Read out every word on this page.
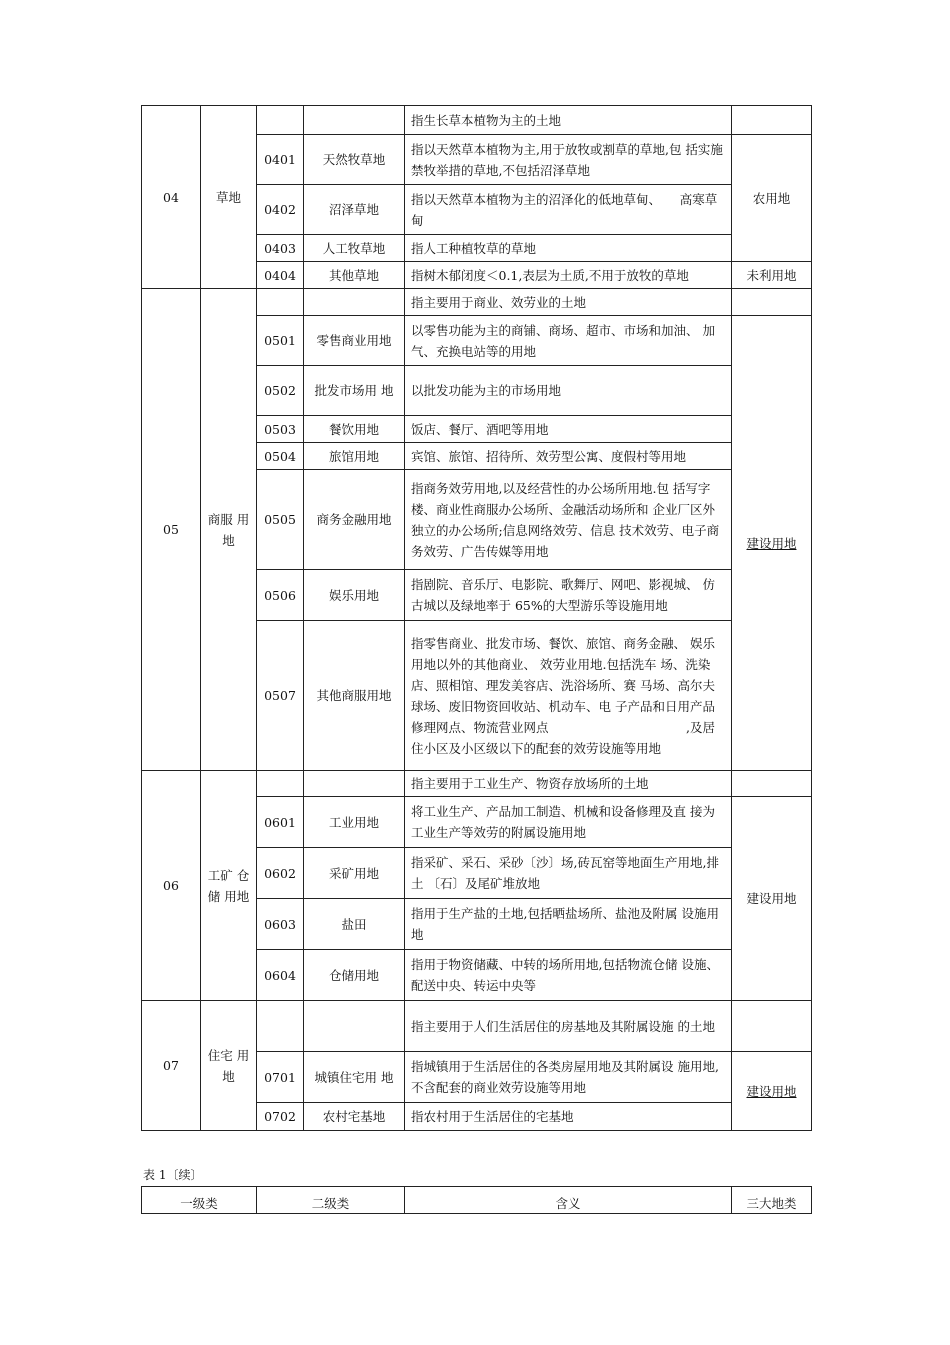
04	草地			指生长草本植物为主的土地	
		0401	天然牧草地	指以天然草本植物为主,用于放牧或割草的草地,包 括实施禁牧举措的草地,不包括沼泽草地	农用地
		0402	沼泽草地	指以天然草本植物为主的沼泽化的低地草甸、　　高寒草甸	
		0403	人工牧草地	指人工种植牧草的草地	
		0404	其他草地	指树木郁闭度＜0.1,表层为土质,不用于放牧的草地	未利用地
05	商服 用地			指主要用于商业、效劳业的土地	
		0501	零售商业用地	以零售功能为主的商铺、商场、超市、市场和加油、 加气、充换电站等的用地	建设用地
		0502	批发市场用 地	以批发功能为主的市场用地	
		0503	餐饮用地	饭店、餐厅、酒吧等用地	
		0504	旅馆用地	宾馆、旅馆、招待所、效劳型公寓、度假村等用地	
		0505	商务金融用地	指商务效劳用地,以及经营性的办公场所用地.包 括写字楼、商业性商服办公场所、金融活动场所和 企业厂区外独立的办公场所;信息网络效劳、信息 技术效劳、电子商务效劳、广告传媒等用地	
		0506	娱乐用地	指剧院、音乐厅、电影院、歌舞厅、网吧、影视城、 仿古城以及绿地率于 65%的大型游乐等设施用地	
		0507	其他商服用地	指零售商业、批发市场、餐饮、旅馆、商务金融、 娱乐用地以外的其他商业、 效劳业用地.包括洗车 场、洗染店、照相馆、理发美容店、洗浴场所、赛 马场、高尔夫球场、废旧物资回收站、机动车、电 子产品和日用产品修理网点、物流营业网点　　　　　　　　　　　,及居住小区及小区级以下的配套的效劳设施等用地	
06	工矿 仓储 用地			指主要用于工业生产、物资存放场所的土地	
		0601	工业用地	将工业生产、产品加工制造、机械和设备修理及直 接为工业生产等效劳的附属设施用地	建设用地
		0602	采矿用地	指采矿、采石、采砂〔沙〕场,砖瓦窑等地面生产用地,排土 〔石〕及尾矿堆放地	
		0603	盐田	指用于生产盐的土地,包括晒盐场所、盐池及附属 设施用地	
		0604	仓储用地	指用于物资储藏、中转的场所用地,包括物流仓储 设施、配送中央、转运中央等	
07	住宅 用地			指主要用于人们生活居住的房基地及其附属设施 的土地	
		0701	城镇住宅用 地	指城镇用于生活居住的各类房屋用地及其附属设 施用地,不含配套的商业效劳设施等用地	建设用地
		0702	农村宅基地	指农村用于生活居住的宅基地	
表 1〔续〕
一级类	二级类	含义	三大地类
